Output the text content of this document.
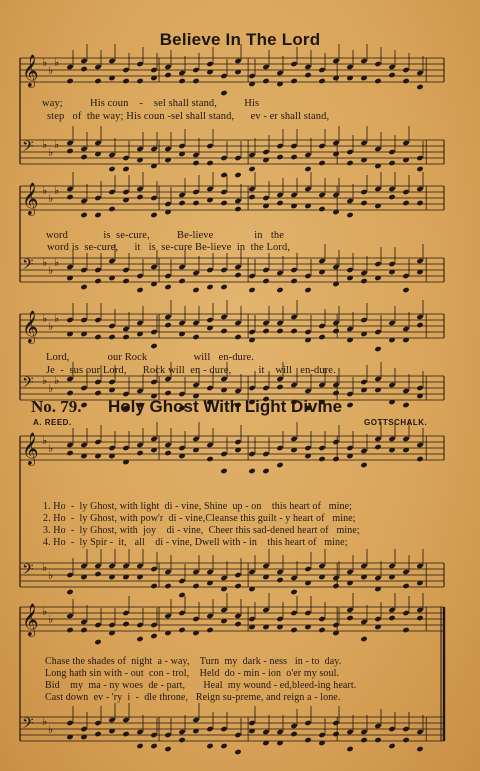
𝄞 ♭
♭
♭
𝄢 ♭
♭
♭
𝄞 ♭
♭
♭
𝄢 ♭
♭
♭
𝄞 ♭
♭
♭
𝄢 ♭
♭
♭
𝄞 ♭
♭
𝄢 ♭
♭
𝄞 ♭
♭
𝄢 ♭
♭
Believe In The Lord
way;          His coun    -    sel shall stand,          His
step   of  the way; His coun -sel shall stand,      ev - er shall stand,
word             is  se-cure,          Be-lieve               in   the
word is  se-cure,      it   is  se-cure Be-lieve  in  the Lord,
Lord,              our Rock                 will   en-dure.
Je  -  sus our Lord,      Rock will  en - dure,          it    will   en-dure.
No. 79. Holy Ghost With Light Divine
A. REED.	GOTTSCHALK.
1. Ho  -  ly Ghost, with light  di - vine, Shine  up - on    this heart of   mine;
2. Ho  -  ly Ghost, with pow'r  di - vine,Cleanse this guilt - y heart of   mine;
3. Ho  -  ly Ghost, with  joy    di - vine,  Cheer this sad-dened heart of   mine;
4. Ho  -  ly Spir -  it,   all    di - vine, Dwell with - in    this heart of   mine;
Chase the shades of  night  a - way,    Turn  my  dark - ness   in - to  day.
Long hath sin with - out  con - trol,    Held  do - min - ion  o'er my soul.
Bid    my  ma - ny woes  de - part,       Heal  my wound - ed,bleed-ing heart.
Cast down  ev - 'ry  i  -  dle throne,   Reign su-preme, and reign a - lone.
